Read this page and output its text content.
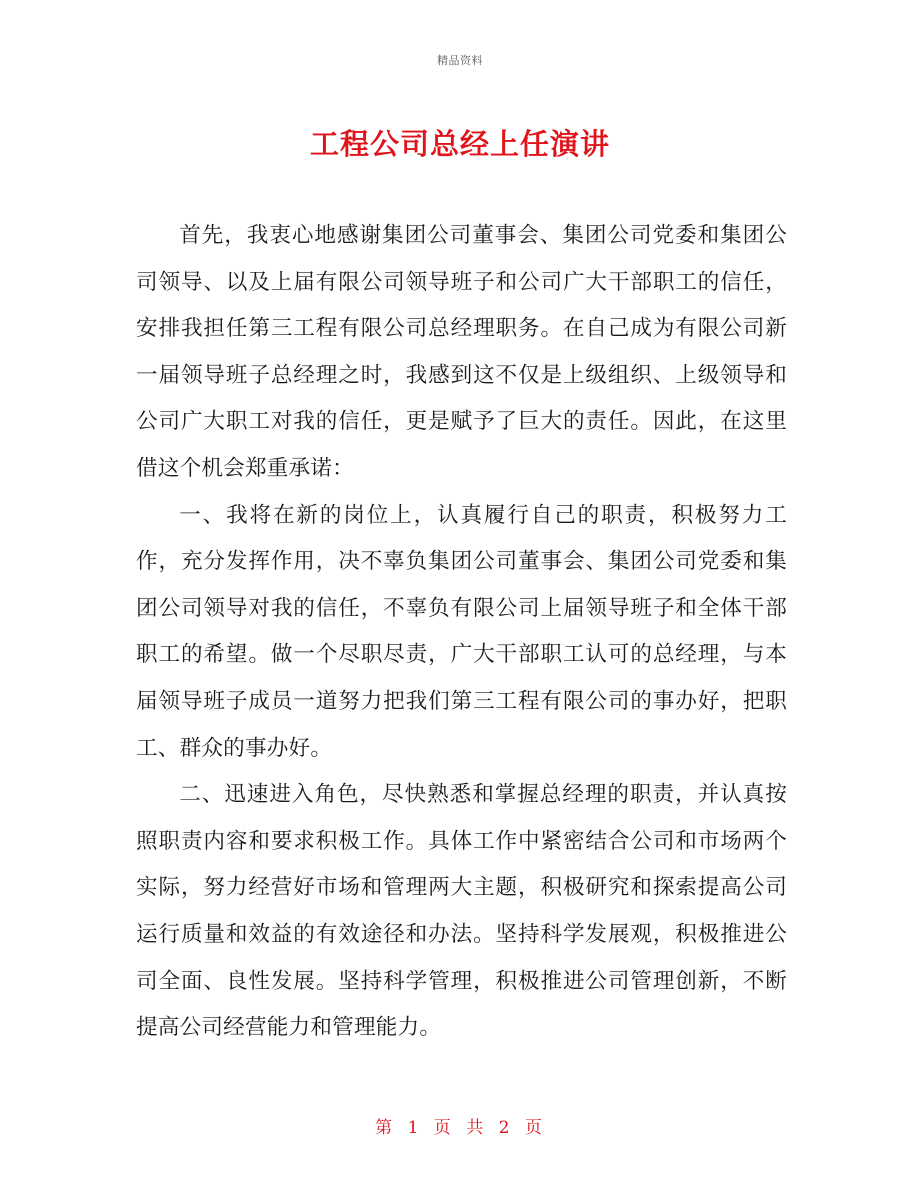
精品资料
工程公司总经上任演讲

首先，我衷心地感谢集团公司董事会、集团公司党委和集团公司领导、以及上届有限公司领导班子和公司广大干部职工的信任，安排我担任第三工程有限公司总经理职务。在自己成为有限公司新一届领导班子总经理之时，我感到这不仅是上级组织、上级领导和公司广大职工对我的信任，更是赋予了巨大的责任。因此，在这里借这个机会郑重承诺：

一、我将在新的岗位上，认真履行自己的职责，积极努力工作，充分发挥作用，决不辜负集团公司董事会、集团公司党委和集团公司领导对我的信任，不辜负有限公司上届领导班子和全体干部职工的希望。做一个尽职尽责，广大干部职工认可的总经理，与本届领导班子成员一道努力把我们第三工程有限公司的事办好，把职工、群众的事办好。

二、迅速进入角色，尽快熟悉和掌握总经理的职责，并认真按照职责内容和要求积极工作。具体工作中紧密结合公司和市场两个实际，努力经营好市场和管理两大主题，积极研究和探索提高公司运行质量和效益的有效途径和办法。坚持科学发展观，积极推进公司全面、良性发展。坚持科学管理，积极推进公司管理创新，不断提高公司经营能力和管理能力。

第 1 页 共 2 页
